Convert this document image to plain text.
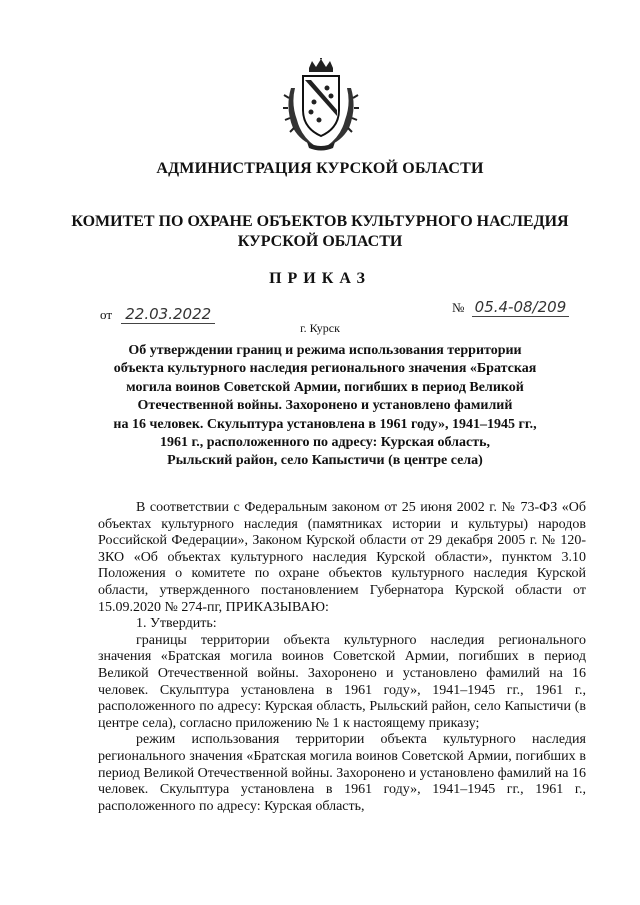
АДМИНИСТРАЦИЯ КУРСКОЙ ОБЛАСТИ
КОМИТЕТ ПО ОХРАНЕ ОБЪЕКТОВ КУЛЬТУРНОГО НАСЛЕДИЯ
КУРСКОЙ ОБЛАСТИ
ПРИКАЗ
от 22.03.2022	№ 05.4-08/209
г. Курск
Об утверждении границ и режима использования территории
объекта культурного наследия регионального значения «Братская
могила воинов Советской Армии, погибших в период Великой
Отечественной войны. Захоронено и установлено фамилий
на 16 человек. Скульптура установлена в 1961 году», 1941–1945 гг.,
1961 г., расположенного по адресу: Курская область,
Рыльский район, село Капыстичи (в центре села)

В соответствии с Федеральным законом от 25 июня 2002 г. № 73-ФЗ «Об объектах культурного наследия (памятниках истории и культуры) народов Российской Федерации», Законом Курской области от 29 декабря 2005 г. № 120-ЗКО «Об объектах культурного наследия Курской области», пунктом 3.10 Положения о комитете по охране объектов культурного наследия Курской области, утвержденного постановлением Губернатора Курской области от 15.09.2020 № 274-пг, ПРИКАЗЫВАЮ:

1. Утвердить:

границы территории объекта культурного наследия регионального значения «Братская могила воинов Советской Армии, погибших в период Великой Отечественной войны. Захоронено и установлено фамилий на 16 человек. Скульптура установлена в 1961 году», 1941–1945 гг., 1961 г., расположенного по адресу: Курская область, Рыльский район, село Капыстичи (в центре села), согласно приложению № 1 к настоящему приказу;

режим использования территории объекта культурного наследия регионального значения «Братская могила воинов Советской Армии, погибших в период Великой Отечественной войны. Захоронено и установлено фамилий на 16 человек. Скульптура установлена в 1961 году», 1941–1945 гг., 1961 г., расположенного по адресу: Курская область,
